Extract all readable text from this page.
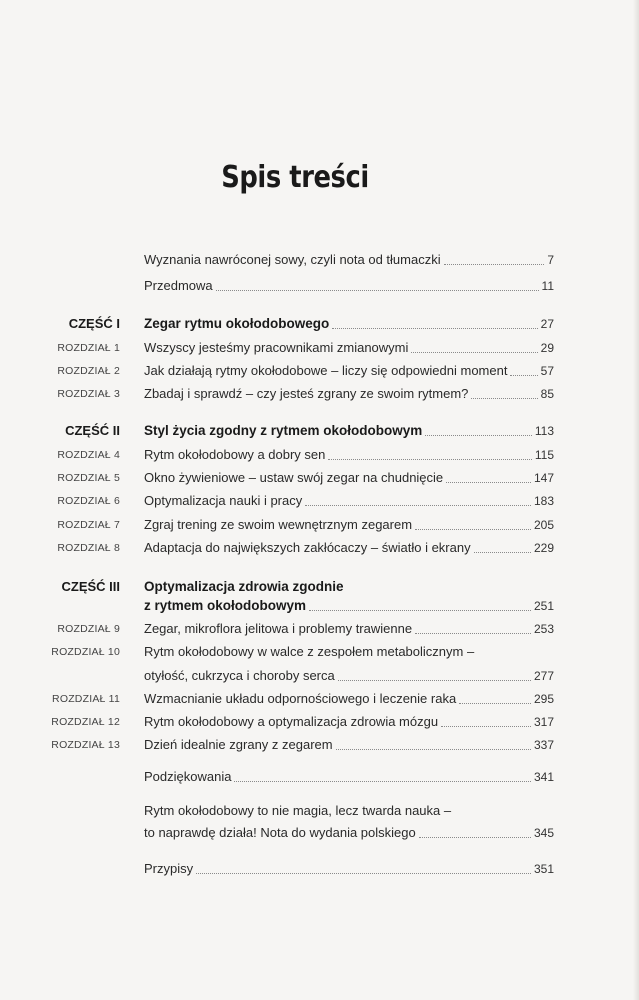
Spis treści
Wyznania nawróconej sowy, czyli nota od tłumaczki	7
Przedmowa	11
CZĘŚĆ I Zegar rytmu okołodobowego	27
ROZDZIAŁ 1 Wszyscy jesteśmy pracownikami zmianowymi	29
ROZDZIAŁ 2 Jak działają rytmy okołodobowe – liczy się odpowiedni moment	57
ROZDZIAŁ 3 Zbadaj i sprawdź – czy jesteś zgrany ze swoim rytmem?	85
CZĘŚĆ II Styl życia zgodny z rytmem okołodobowym	113
ROZDZIAŁ 4 Rytm okołodobowy a dobry sen	115
ROZDZIAŁ 5 Okno żywieniowe – ustaw swój zegar na chudnięcie	147
ROZDZIAŁ 6 Optymalizacja nauki i pracy	183
ROZDZIAŁ 7 Zgraj trening ze swoim wewnętrznym zegarem	205
ROZDZIAŁ 8 Adaptacja do największych zakłócaczy – światło i ekrany	229
CZĘŚĆ III Optymalizacja zdrowia zgodnie
z rytmem okołodobowym	251
ROZDZIAŁ 9 Zegar, mikroflora jelitowa i problemy trawienne	253
ROZDZIAŁ 10 Rytm okołodobowy w walce z zespołem metabolicznym –
otyłość, cukrzyca i choroby serca	277
ROZDZIAŁ 11 Wzmacnianie układu odpornościowego i leczenie raka	295
ROZDZIAŁ 12 Rytm okołodobowy a optymalizacja zdrowia mózgu	317
ROZDZIAŁ 13 Dzień idealnie zgrany z zegarem	337
Podziękowania	341
Rytm okołodobowy to nie magia, lecz twarda nauka –
to naprawdę działa! Nota do wydania polskiego	345
Przypisy	351
